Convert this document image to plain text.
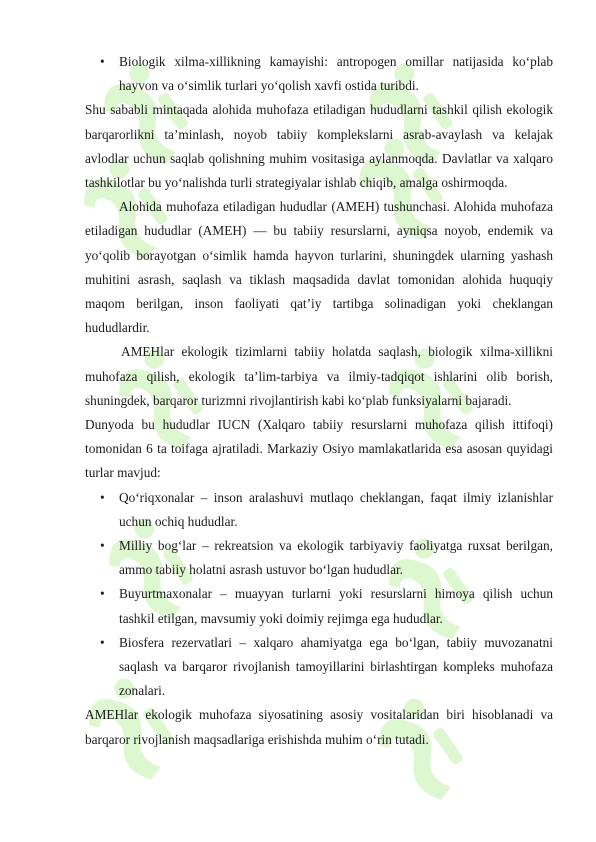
• Biologik xilma-xillikning kamayishi: antropogen omillar natijasida ko‘plab hayvon va o‘simlik turlari yo‘qolish xavfi ostida turibdi.

Shu sababli mintaqada alohida muhofaza etiladigan hududlarni tashkil qilish ekologik barqarorlikni ta’minlash, noyob tabiiy komplekslarni asrab-avaylash va kelajak avlodlar uchun saqlab qolishning muhim vositasiga aylanmoqda. Davlatlar va xalqaro tashkilotlar bu yo‘nalishda turli strategiyalar ishlab chiqib, amalga oshirmoqda.

Alohida muhofaza etiladigan hududlar (AMEH) tushunchasi. Alohida muhofaza etiladigan hududlar (AMEH) — bu tabiiy resurslarni, ayniqsa noyob, endemik va yo‘qolib borayotgan o‘simlik hamda hayvon turlarini, shuningdek ularning yashash muhitini asrash, saqlash va tiklash maqsadida davlat tomonidan alohida huquqiy maqom berilgan, inson faoliyati qat’iy tartibga solinadigan yoki cheklangan hududlardir.

AMEHlar ekologik tizimlarni tabiiy holatda saqlash, biologik xilma-xillikni muhofaza qilish, ekologik ta’lim-tarbiya va ilmiy-tadqiqot ishlarini olib borish, shuningdek, barqaror turizmni rivojlantirish kabi ko‘plab funksiyalarni bajaradi.

Dunyoda bu hududlar IUCN (Xalqaro tabiiy resurslarni muhofaza qilish ittifoqi) tomonidan 6 ta toifaga ajratiladi. Markaziy Osiyo mamlakatlarida esa asosan quyidagi turlar mavjud:

• Qo‘riqxonalar – inson aralashuvi mutlaqo cheklangan, faqat ilmiy izlanishlar uchun ochiq hududlar.
• Milliy bog‘lar – rekreatsion va ekologik tarbiyaviy faoliyatga ruxsat berilgan, ammo tabiiy holatni asrash ustuvor bo‘lgan hududlar.
• Buyurtmaxonalar – muayyan turlarni yoki resurslarni himoya qilish uchun tashkil etilgan, mavsumiy yoki doimiy rejimga ega hududlar.
• Biosfera rezervatlari – xalqaro ahamiyatga ega bo‘lgan, tabiiy muvozanatni saqlash va barqaror rivojlanish tamoyillarini birlashtirgan kompleks muhofaza zonalari.

AMEHlar ekologik muhofaza siyosatining asosiy vositalaridan biri hisoblanadi va barqaror rivojlanish maqsadlariga erishishda muhim o‘rin tutadi.
